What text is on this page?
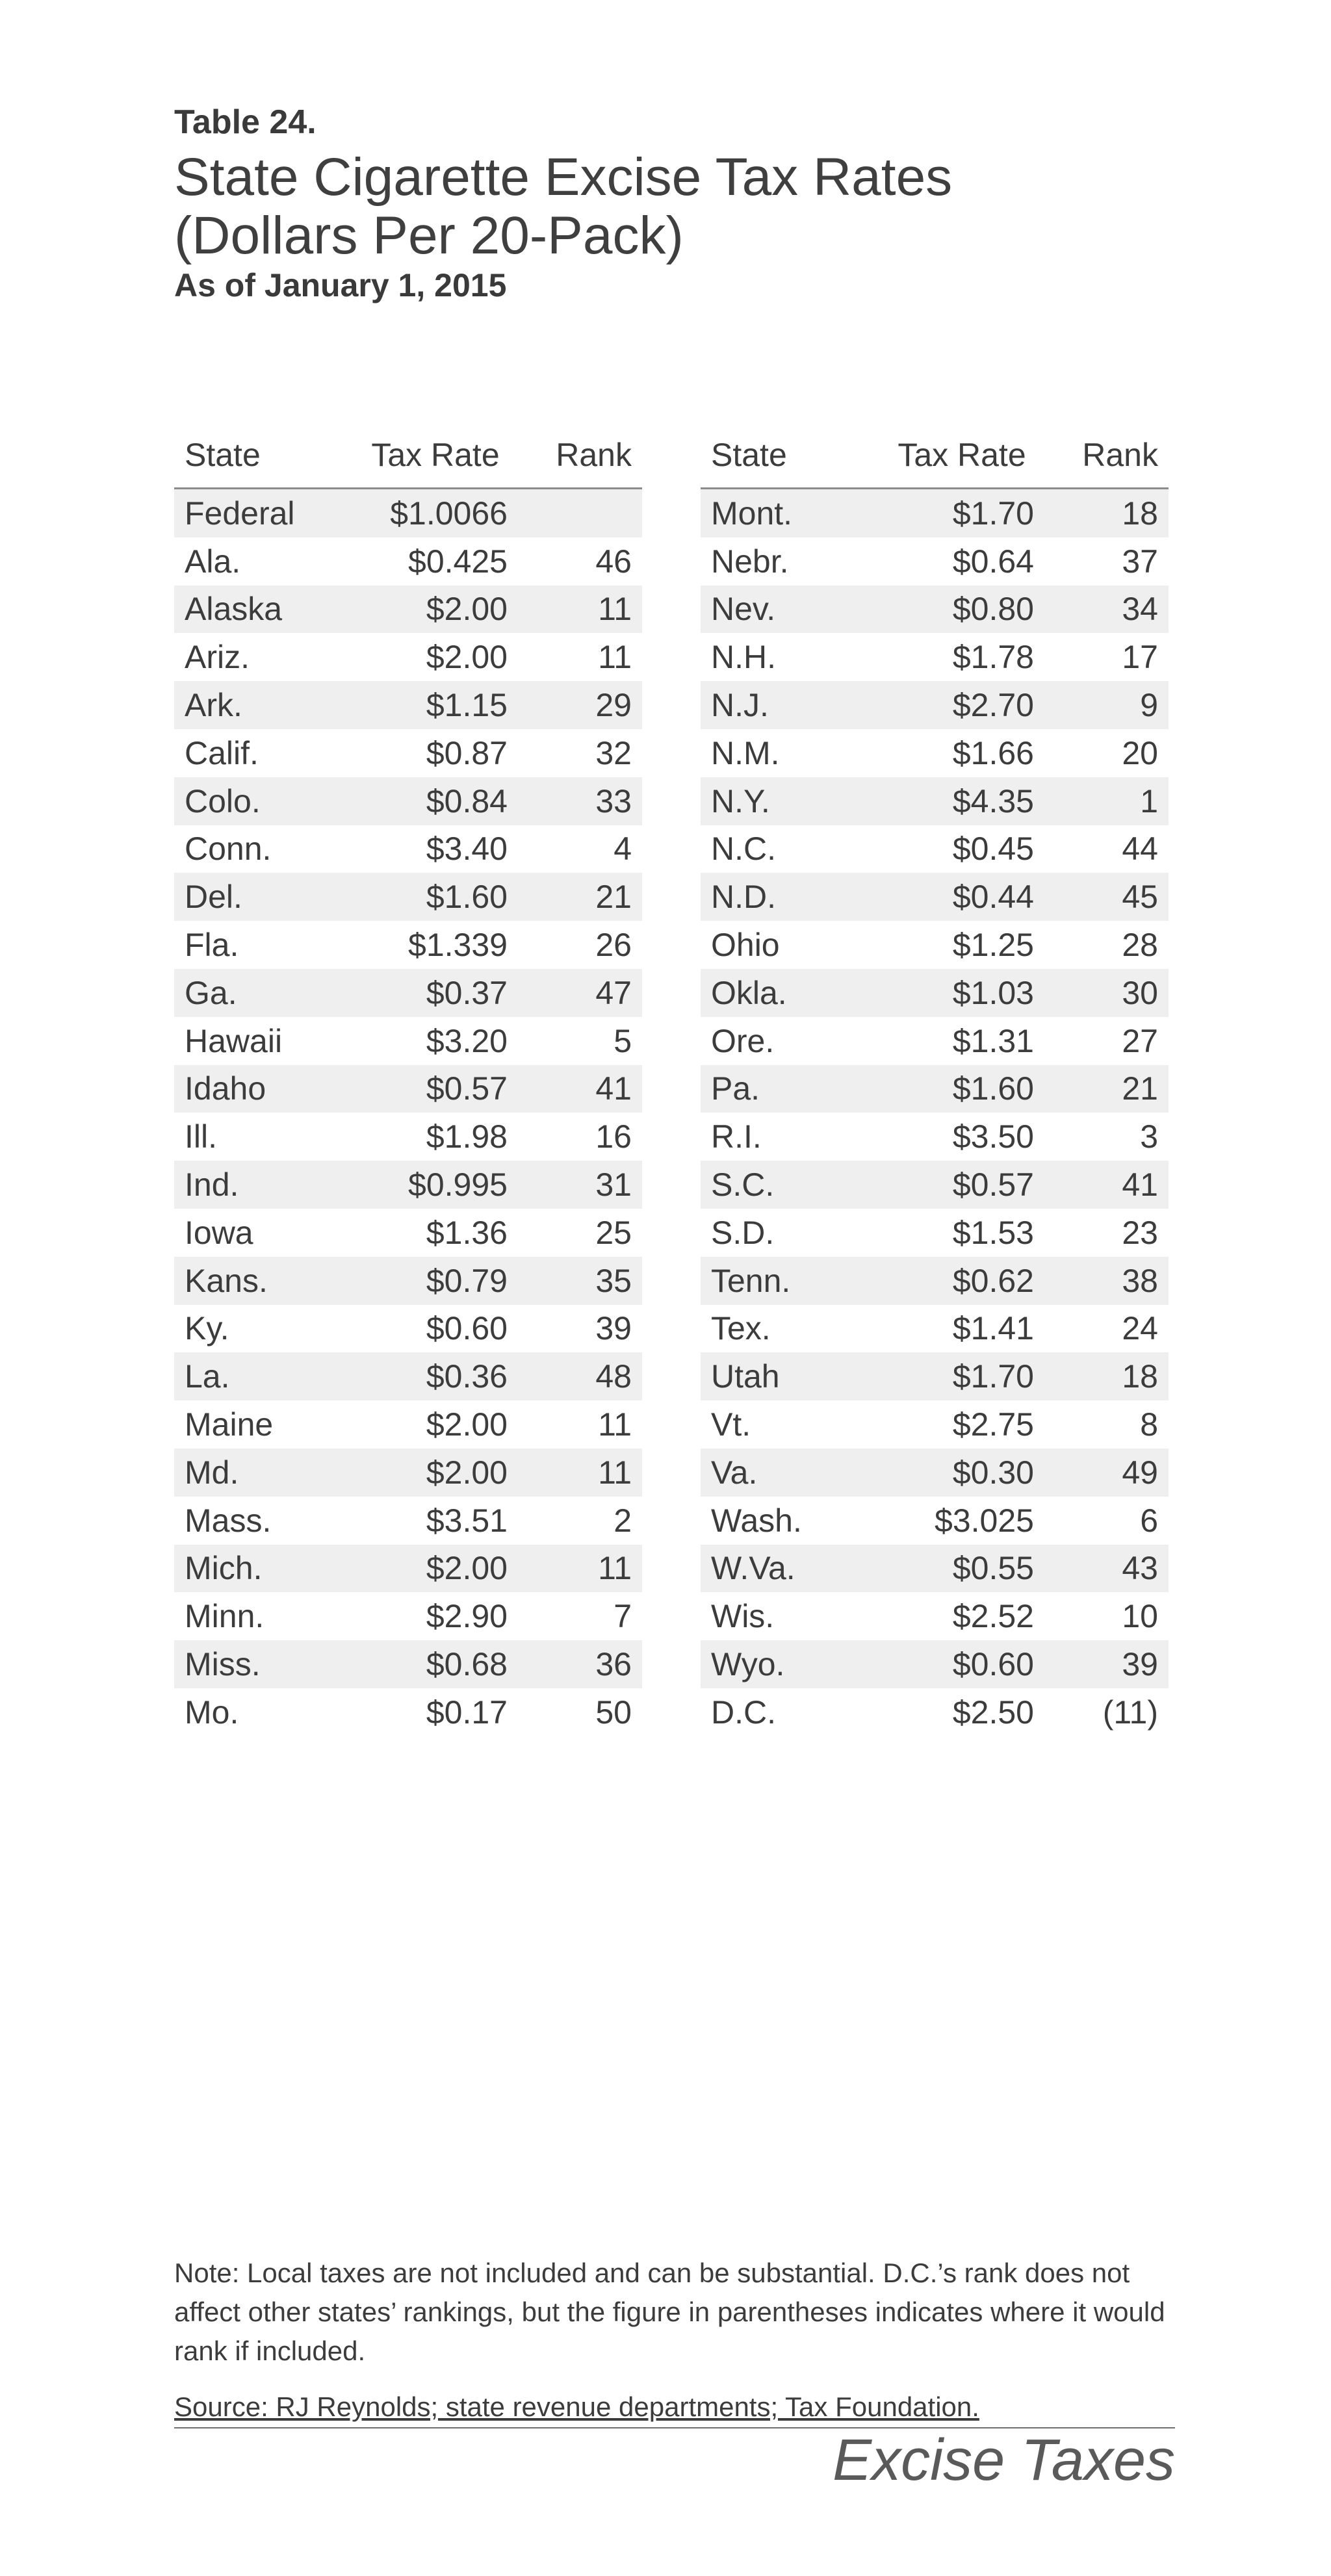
Table 24.
State Cigarette Excise Tax Rates
(Dollars Per 20-Pack)
As of January 1, 2015
State	Tax Rate	Rank
Federal	$1.0066	
Ala.	$0.425	46
Alaska	$2.00	11
Ariz.	$2.00	11
Ark.	$1.15	29
Calif.	$0.87	32
Colo.	$0.84	33
Conn.	$3.40	4
Del.	$1.60	21
Fla.	$1.339	26
Ga.	$0.37	47
Hawaii	$3.20	5
Idaho	$0.57	41
Ill.	$1.98	16
Ind.	$0.995	31
Iowa	$1.36	25
Kans.	$0.79	35
Ky.	$0.60	39
La.	$0.36	48
Maine	$2.00	11
Md.	$2.00	11
Mass.	$3.51	2
Mich.	$2.00	11
Minn.	$2.90	7
Miss.	$0.68	36
Mo.	$0.17	50
State	Tax Rate	Rank
Mont.	$1.70	18
Nebr.	$0.64	37
Nev.	$0.80	34
N.H.	$1.78	17
N.J.	$2.70	9
N.M.	$1.66	20
N.Y.	$4.35	1
N.C.	$0.45	44
N.D.	$0.44	45
Ohio	$1.25	28
Okla.	$1.03	30
Ore.	$1.31	27
Pa.	$1.60	21
R.I.	$3.50	3
S.C.	$0.57	41
S.D.	$1.53	23
Tenn.	$0.62	38
Tex.	$1.41	24
Utah	$1.70	18
Vt.	$2.75	8
Va.	$0.30	49
Wash.	$3.025	6
W.Va.	$0.55	43
Wis.	$2.52	10
Wyo.	$0.60	39
D.C.	$2.50	(11)

Note: Local taxes are not included and can be substantial. D.C.’s rank does not affect other states’ rankings, but the figure in parentheses indicates where it would rank if included.

Source: RJ Reynolds; state revenue departments; Tax Foundation.
Excise Taxes
